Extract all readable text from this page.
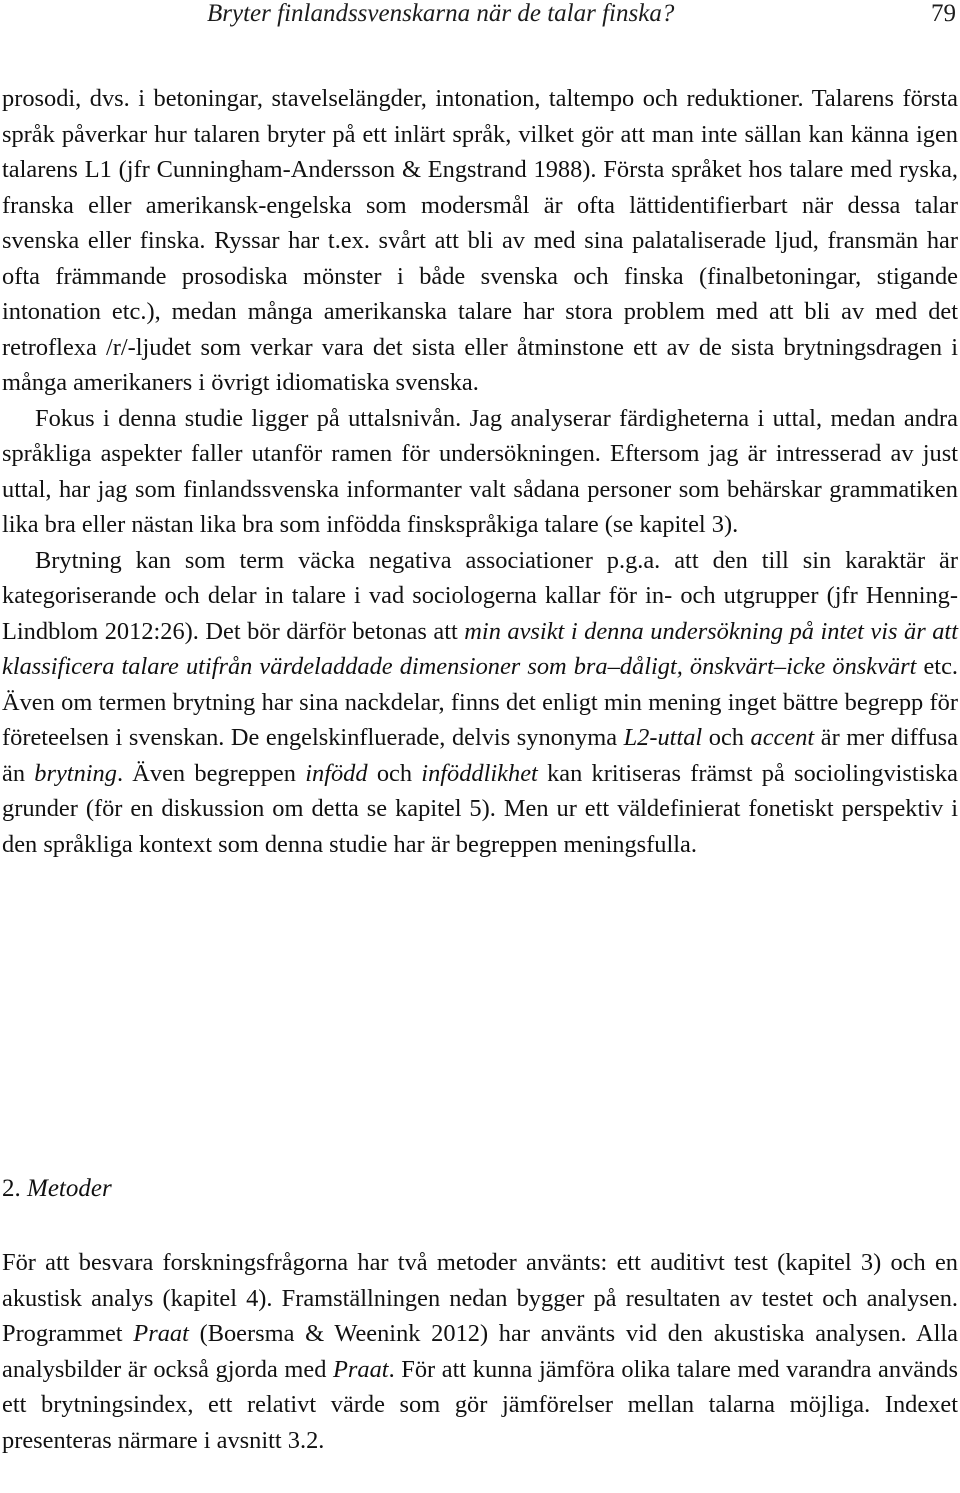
Bryter finlandssvenskarna när de talar finska?	79

prosodi, dvs. i betoningar, stavelselängder, intonation, taltempo och reduktioner. Talarens första språk påverkar hur talaren bryter på ett inlärt språk, vilket gör att man inte sällan kan känna igen talarens L1 (jfr Cunningham-Andersson & Engstrand 1988). Första språket hos talare med ryska, franska eller amerikansk-engelska som modersmål är ofta lättidentifierbart när dessa talar svenska eller finska. Ryssar har t.ex. svårt att bli av med sina palataliserade ljud, fransmän har ofta främmande prosodiska mönster i både svenska och finska (finalbetoningar, stigande intonation etc.), medan många amerikanska talare har stora problem med att bli av med det retroflexa /r/-ljudet som verkar vara det sista eller åtminstone ett av de sista brytningsdragen i många amerikaners i övrigt idiomatiska svenska.

Fokus i denna studie ligger på uttalsnivån. Jag analyserar färdigheterna i uttal, medan andra språkliga aspekter faller utanför ramen för undersökningen. Eftersom jag är intresserad av just uttal, har jag som finlandssvenska informanter valt sådana personer som behärskar grammatiken lika bra eller nästan lika bra som infödda finskspråkiga talare (se kapitel 3).

Brytning kan som term väcka negativa associationer p.g.a. att den till sin karaktär är kategoriserande och delar in talare i vad sociologerna kallar för in- och utgrupper (jfr Henning-Lindblom 2012:26). Det bör därför betonas att min avsikt i denna undersökning på intet vis är att klassificera talare utifrån värdeladdade dimensioner som bra–dåligt, önskvärt–icke önskvärt etc. Även om termen brytning har sina nackdelar, finns det enligt min mening inget bättre begrepp för företeelsen i svenskan. De engelskinfluerade, delvis synonyma L2-uttal och accent är mer diffusa än brytning. Även begreppen infödd och inföddlikhet kan kritiseras främst på sociolingvistiska grunder (för en diskussion om detta se kapitel 5). Men ur ett väldefinierat fonetiskt perspektiv i den språkliga kontext som denna studie har är begreppen meningsfulla.

2. Metoder

För att besvara forskningsfrågorna har två metoder använts: ett auditivt test (kapitel 3) och en akustisk analys (kapitel 4). Framställningen nedan bygger på resultaten av testet och analysen. Programmet Praat (Boersma & Weenink 2012) har använts vid den akustiska analysen. Alla analysbilder är också gjorda med Praat. För att kunna jämföra olika talare med varandra används ett brytningsindex, ett relativt värde som gör jämförelser mellan talarna möjliga. Indexet presenteras närmare i avsnitt 3.2.
